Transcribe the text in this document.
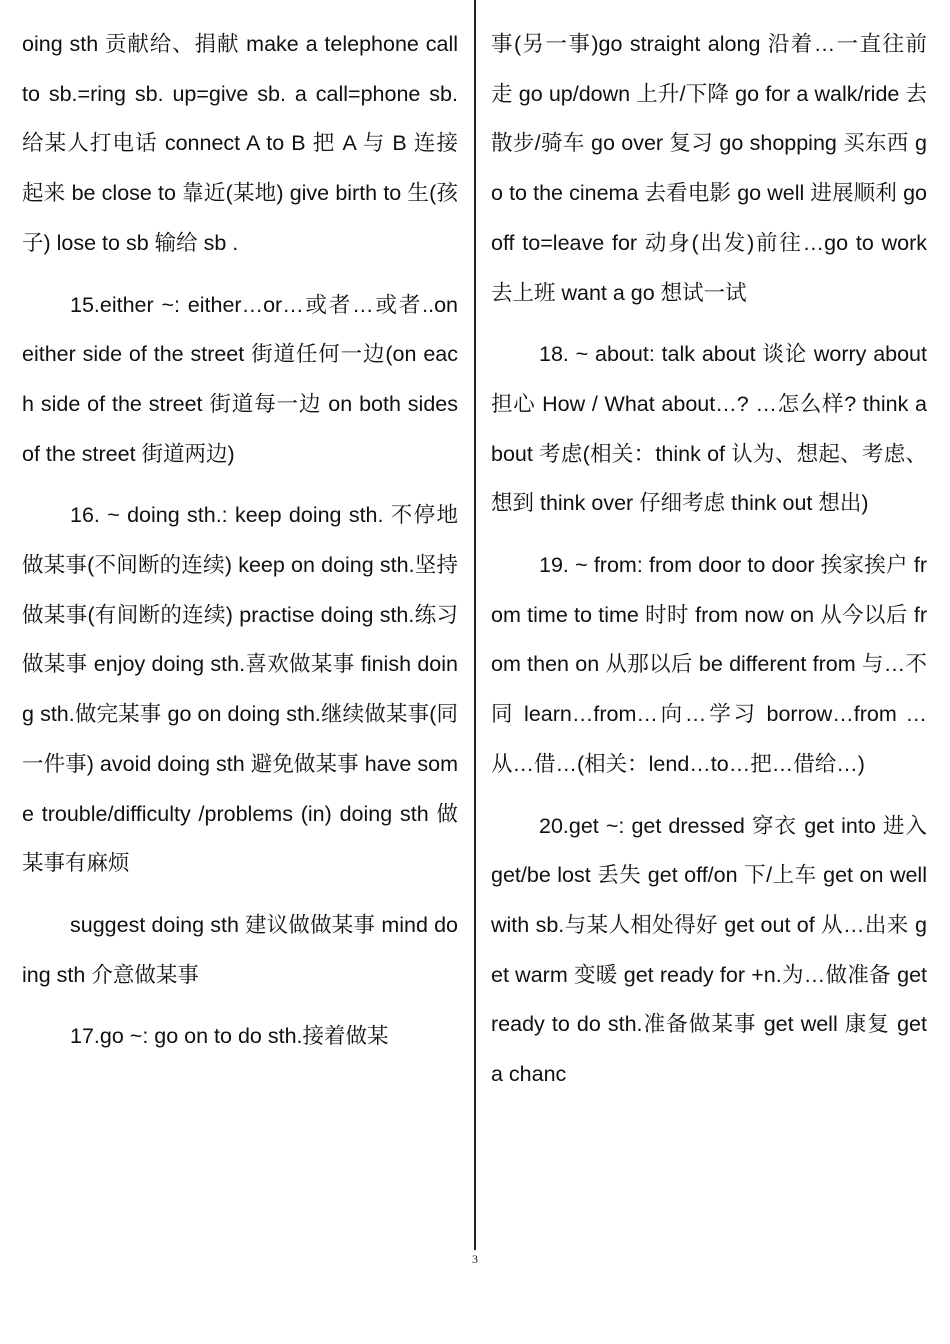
oing sth 贡献给、捐献 make a telephone call to sb.=ring sb. up=give sb. a call=phone sb.给某人打电话 connect A to B 把 A 与 B 连接起来 be close to 靠近(某地) give birth to 生(孩子) lose to sb 输给 sb .

15.either ~: either…or…或者…或者..on either side of the street 街道任何一边(on each side of the street 街道每一边 on both sides of the street 街道两边)

16. ~ doing sth.: keep doing sth. 不停地做某事(不间断的连续) keep on doing sth.坚持做某事(有间断的连续) practise doing sth.练习做某事 enjoy doing sth.喜欢做某事 finish doing sth.做完某事 go on doing sth.继续做某事(同一件事) avoid doing sth 避免做某事 have some trouble/difficulty /problems (in) doing sth 做某事有麻烦

suggest doing sth 建议做做某事 mind doing sth 介意做某事

17.go ~: go on to do sth.接着做某

事(另一事)go straight along 沿着…一直往前走 go up/down 上升/下降 go for a walk/ride 去散步/骑车 go over 复习 go shopping 买东西 go to the cinema 去看电影 go well 进展顺利 go off to=leave for 动身(出发)前往…go to work 去上班 want a go 想试一试

18. ~ about: talk about 谈论 worry about 担心 How / What about…? …怎么样? think about 考虑(相关：think of 认为、想起、考虑、想到 think over 仔细考虑 think out 想出)

19. ~ from: from door to door 挨家挨户 from time to time 时时 from now on 从今以后 from then on 从那以后 be different from 与…不同 learn…from…向…学习 borrow…from …从…借…(相关：lend…to…把…借给…)

20.get ~: get dressed 穿衣 get into 进入 get/be lost 丢失 get off/on 下/上车 get on well with sb.与某人相处得好 get out of 从…出来 get warm 变暖 get ready for +n.为…做准备 get ready to do sth.准备做某事 get well 康复 get a chanc

3
